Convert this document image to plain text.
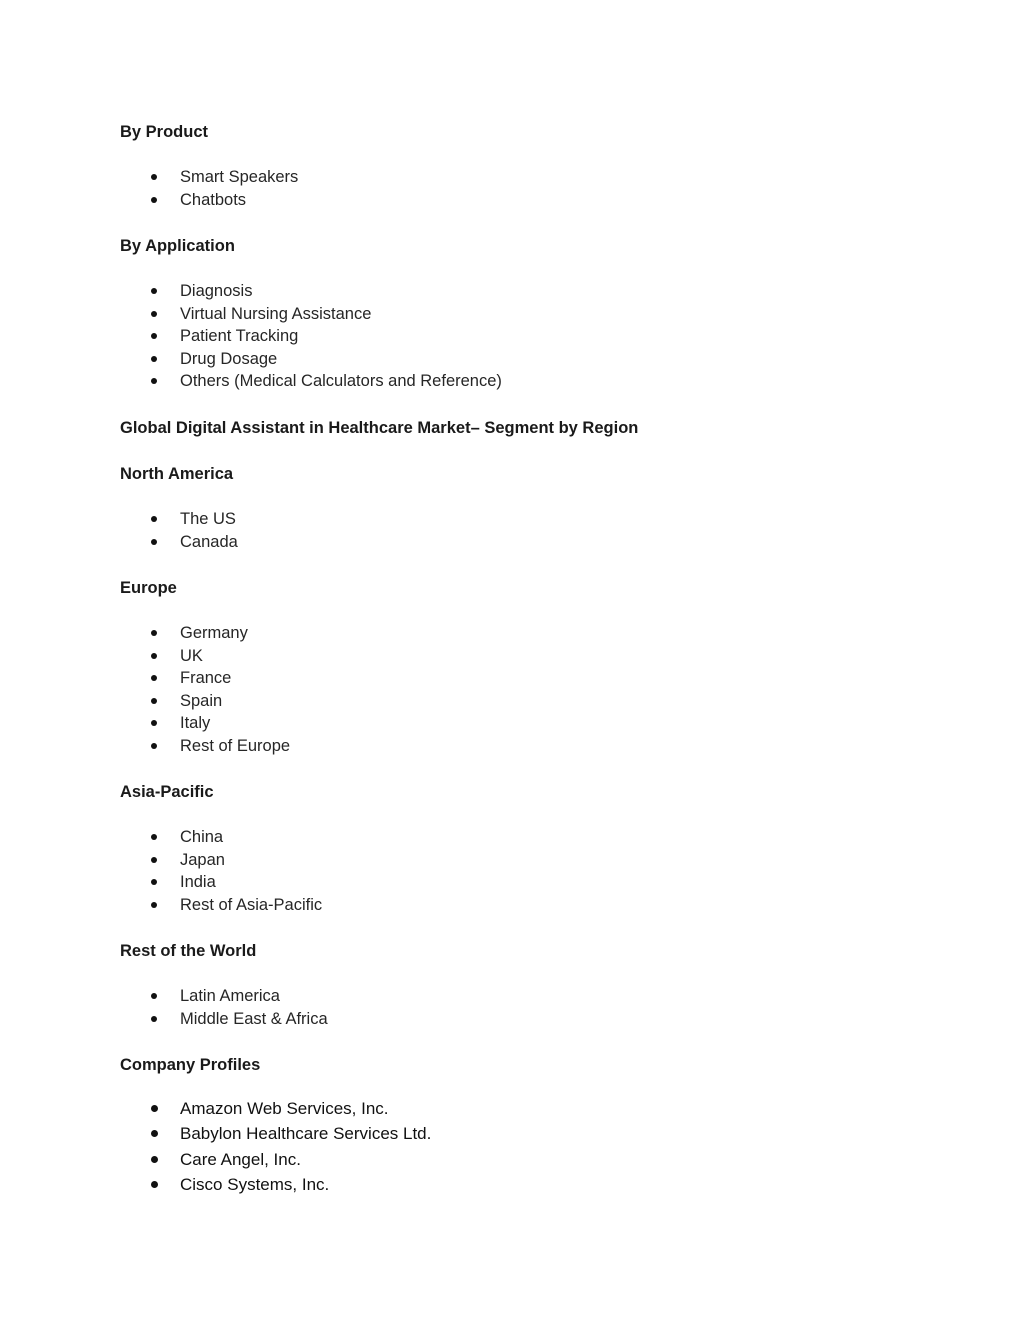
By Product
Smart Speakers
Chatbots
By Application
Diagnosis
Virtual Nursing Assistance
Patient Tracking
Drug Dosage
Others (Medical Calculators and Reference)
Global Digital Assistant in Healthcare Market– Segment by Region
North America
The US
Canada
Europe
Germany
UK
France
Spain
Italy
Rest of Europe
Asia-Pacific
China
Japan
India
Rest of Asia-Pacific
Rest of the World
Latin America
Middle East & Africa
Company Profiles
Amazon Web Services, Inc.
Babylon Healthcare Services Ltd.
Care Angel, Inc.
Cisco Systems, Inc.
